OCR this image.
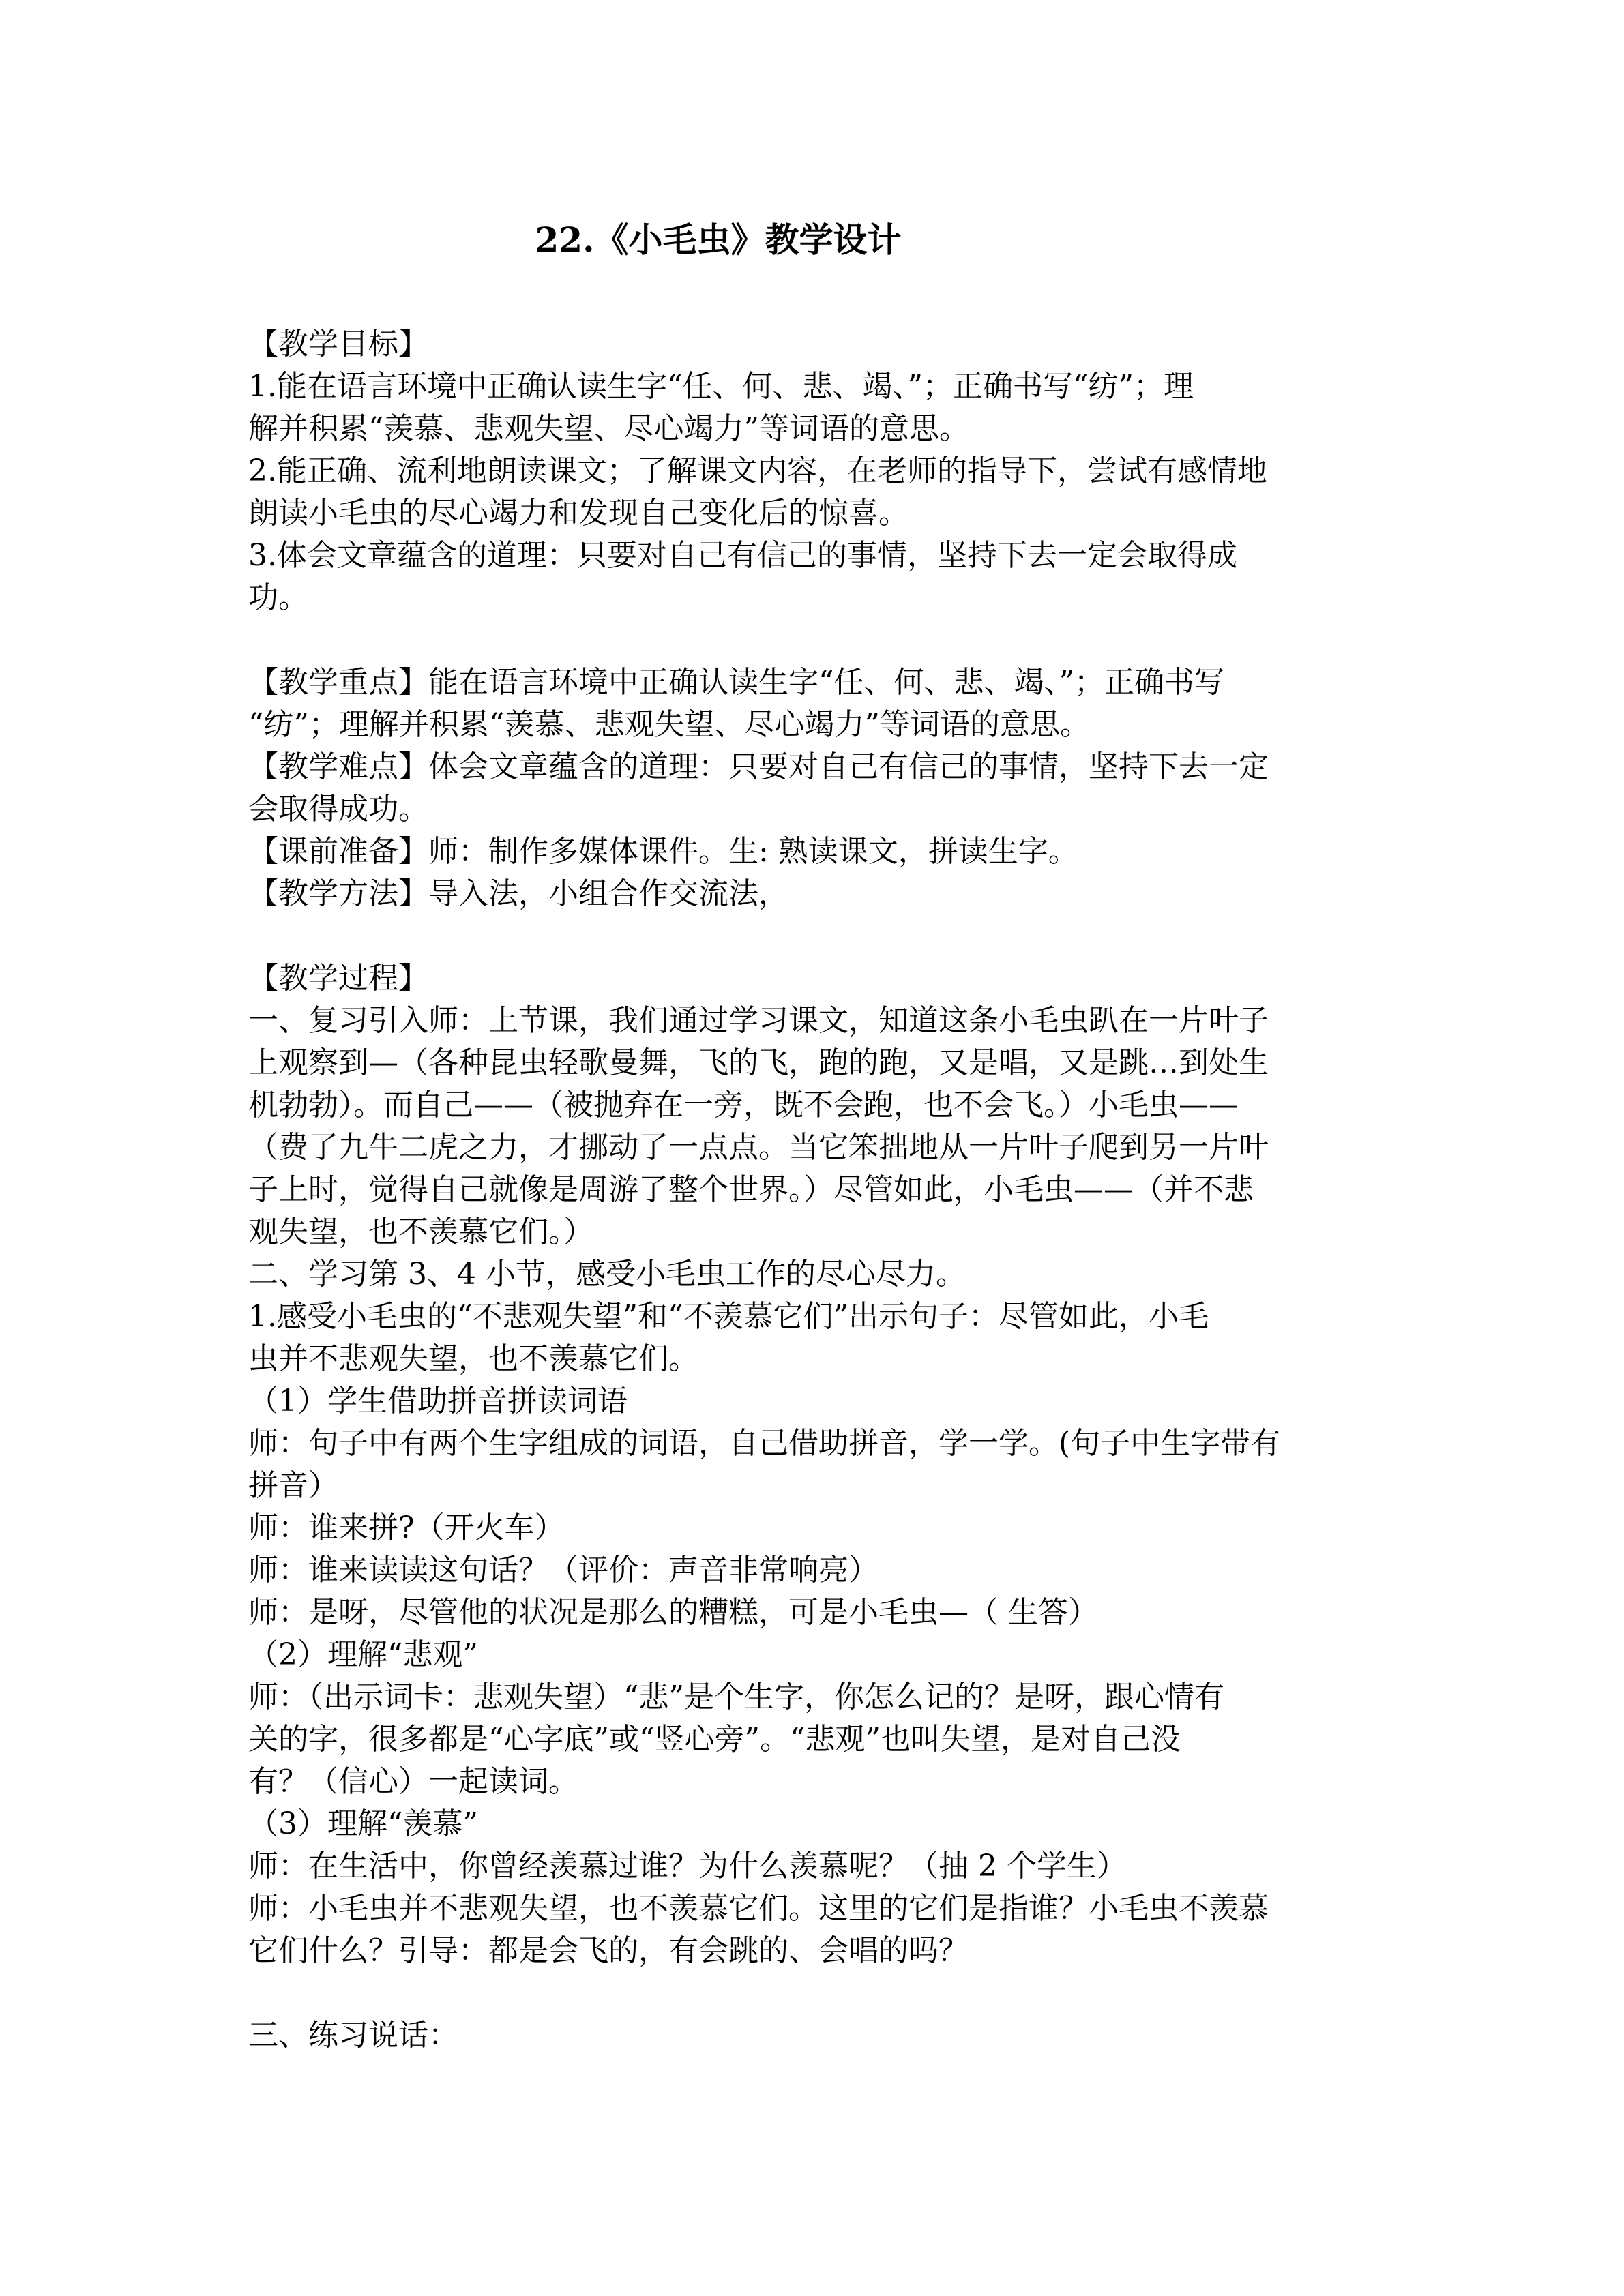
22.《小毛虫》教学设计
【教学目标】
1.能在语言环境中正确认读生字“任、何、悲、竭、”；正确书写“纺”；理
解并积累“羡慕、悲观失望、尽心竭力”等词语的意思。
2.能正确、流利地朗读课文；了解课文内容，在老师的指导下，尝试有感情地
朗读小毛虫的尽心竭力和发现自己变化后的惊喜。
3.体会文章蕴含的道理：只要对自己有信己的事情，坚持下去一定会取得成
功。
【教学重点】能在语言环境中正确认读生字“任、何、悲、竭、”；正确书写
“纺”；理解并积累“羡慕、悲观失望、尽心竭力”等词语的意思。
【教学难点】体会文章蕴含的道理：只要对自己有信己的事情，坚持下去一定
会取得成功。
【课前准备】师：制作多媒体课件。生: 熟读课文，拼读生字。
【教学方法】导入法，小组合作交流法，
【教学过程】
一、复习引入师：上节课，我们通过学习课文，知道这条小毛虫趴在一片叶子
上观察到—（各种昆虫轻歌曼舞，飞的飞，跑的跑，又是唱，又是跳…到处生
机勃勃）。而自己——（被抛弃在一旁，既不会跑，也不会飞。）小毛虫——
（费了九牛二虎之力，才挪动了一点点。当它笨拙地从一片叶子爬到另一片叶
子上时，觉得自己就像是周游了整个世界。）尽管如此，小毛虫——（并不悲
观失望，也不羡慕它们。）
二、学习第 3、4 小节，感受小毛虫工作的尽心尽力。
1.感受小毛虫的“不悲观失望”和“不羡慕它们”出示句子：尽管如此，小毛
虫并不悲观失望，也不羡慕它们。
（1）学生借助拼音拼读词语
师：句子中有两个生字组成的词语，自己借助拼音，学一学。(句子中生字带有
拼音）
师：谁来拼?（开火车）
师：谁来读读这句话？（评价：声音非常响亮）
师：是呀，尽管他的状况是那么的糟糕，可是小毛虫—（ 生答）
（2）理解“悲观”
师：（出示词卡：悲观失望）“悲”是个生字，你怎么记的？是呀，跟心情有
关的字，很多都是“心字底”或“竖心旁”。“悲观”也叫失望，是对自己没
有？（信心）一起读词。
（3）理解“羡慕”
师：在生活中，你曾经羡慕过谁？为什么羡慕呢？（抽 2 个学生）
师：小毛虫并不悲观失望，也不羡慕它们。这里的它们是指谁？小毛虫不羡慕
它们什么？引导：都是会飞的，有会跳的、会唱的吗？
三、练习说话：
